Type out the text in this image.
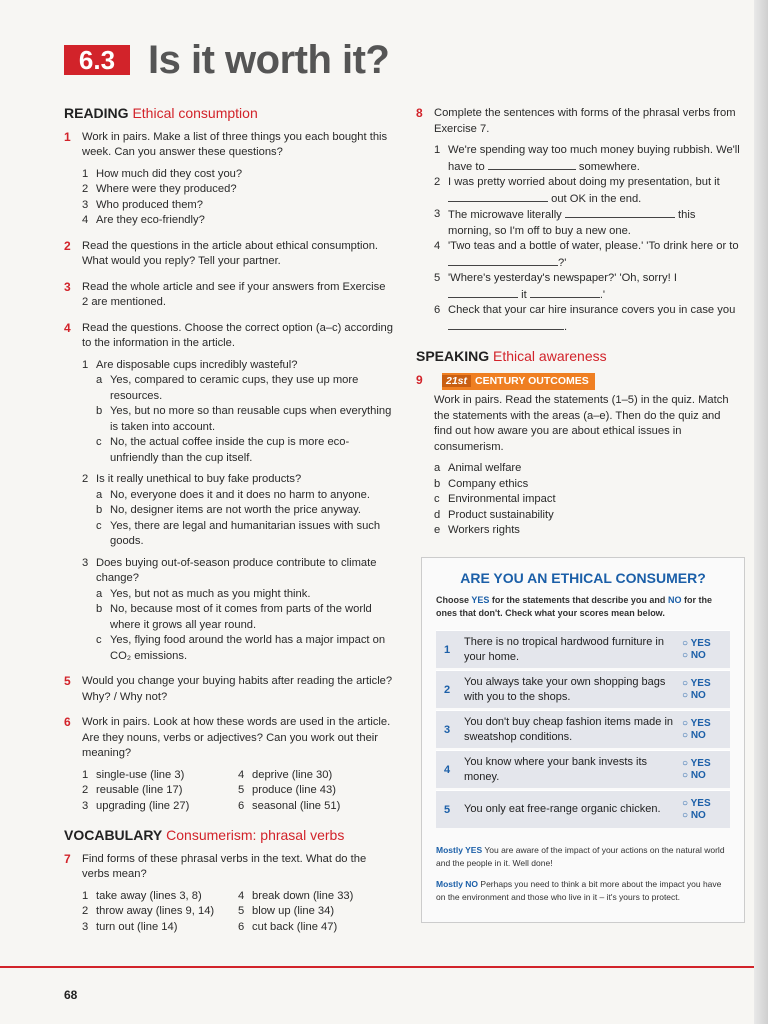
6.3 Is it worth it?
READING Ethical consumption
1	Work in pairs. Make a list of three things you each bought this week. Can you answer these questions?
1 How much did they cost you?
2 Where were they produced?
3 Who produced them?
4 Are they eco-friendly?
2	Read the questions in the article about ethical consumption. What would you reply? Tell your partner.
3	Read the whole article and see if your answers from Exercise 2 are mentioned.
4	Read the questions. Choose the correct option (a–c) according to the information in the article.
1 Are disposable cups incredibly wasteful?
a Yes, compared to ceramic cups, they use up more resources.
b Yes, but no more so than reusable cups when everything is taken into account.
c No, the actual coffee inside the cup is more eco-unfriendly than the cup itself.
2 Is it really unethical to buy fake products?
a No, everyone does it and it does no harm to anyone.
b No, designer items are not worth the price anyway.
c Yes, there are legal and humanitarian issues with such goods.
3 Does buying out-of-season produce contribute to climate change?
a Yes, but not as much as you might think.
b No, because most of it comes from parts of the world where it grows all year round.
c Yes, flying food around the world has a major impact on CO₂ emissions.
5	Would you change your buying habits after reading the article? Why? / Why not?
6	Work in pairs. Look at how these words are used in the article. Are they nouns, verbs or adjectives? Can you work out their meaning?
1 single-use (line 3)	4 deprive (line 30)
2 reusable (line 17)	5 produce (line 43)
3 upgrading (line 27)	6 seasonal (line 51)
VOCABULARY Consumerism: phrasal verbs
7	Find forms of these phrasal verbs in the text. What do the verbs mean?
1 take away (lines 3, 8)	4 break down (line 33)
2 throw away (lines 9, 14) 5 blow up (line 34)
3 turn out (line 14)	6 cut back (line 47)
8	Complete the sentences with forms of the phrasal verbs from Exercise 7.
1 We're spending way too much money buying rubbish. We'll have to	somewhere.
2 I was pretty worried about doing my presentation, but it  out OK in the end.
3 The microwave literally	this morning, so I'm off to buy a new one.
4 'Two teas and a bottle of water, please.' 'To drink here or to ?'
5 'Where's yesterday's newspaper?' 'Oh, sorry! I  it	.'
6 Check that your car hire insurance covers you in case you .
SPEAKING Ethical awareness
9	21st CENTURY OUTCOMES
Work in pairs. Read the statements (1–5) in the quiz. Match the statements with the areas (a–e). Then do the quiz and find out how aware you are about ethical issues in consumerism.
a Animal welfare
b Company ethics
c Environmental impact
d Product sustainability
e Workers rights
ARE YOU AN ETHICAL CONSUMER?
Choose YES for the statements that describe you and NO for the ones that don't. Check what your scores mean below.
1
There is no tropical hardwood furniture in your home.
○ YES
○ NO
2
You always take your own shopping bags with you to the shops.
○ YES
○ NO
3
You don't buy cheap fashion items made in sweatshop conditions.
○ YES
○ NO
4
You know where your bank invests its money.
○ YES
○ NO
5	You only eat free-range organic chicken.	○ YES
○ NO

Mostly YES You are aware of the impact of your actions on the natural world and the people in it. Well done!

Mostly NO Perhaps you need to think a bit more about the impact you have on the environment and those who live in it – it's yours to protect.

68
